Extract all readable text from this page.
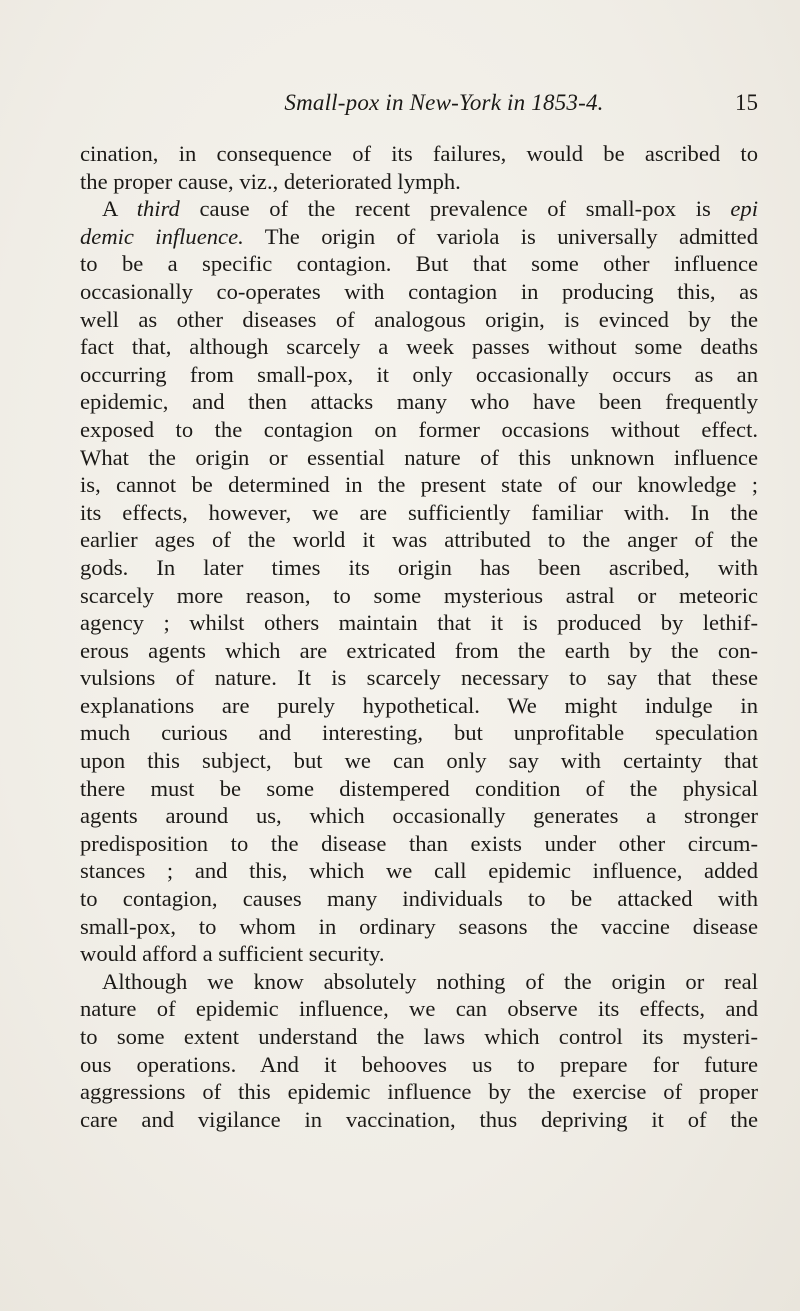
Small-pox in New-York in 1853-4.	15
cination, in consequence of its failures, would be ascribed to
the proper cause, viz., deteriorated lymph.
A third cause of the recent prevalence of small-pox is epi
demic influence. The origin of variola is universally admitted
to be a specific contagion. But that some other influence
occasionally co-operates with contagion in producing this, as
well as other diseases of analogous origin, is evinced by the
fact that, although scarcely a week passes without some deaths
occurring from small-pox, it only occasionally occurs as an
epidemic, and then attacks many who have been frequently
exposed to the contagion on former occasions without effect.
What the origin or essential nature of this unknown influence
is, cannot be determined in the present state of our knowledge ;
its effects, however, we are sufficiently familiar with. In the
earlier ages of the world it was attributed to the anger of the
gods. In later times its origin has been ascribed, with
scarcely more reason, to some mysterious astral or meteoric
agency ; whilst others maintain that it is produced by lethif-
erous agents which are extricated from the earth by the con-
vulsions of nature. It is scarcely necessary to say that these
explanations are purely hypothetical. We might indulge in
much curious and interesting, but unprofitable speculation
upon this subject, but we can only say with certainty that
there must be some distempered condition of the physical
agents around us, which occasionally generates a stronger
predisposition to the disease than exists under other circum-
stances ; and this, which we call epidemic influence, added
to contagion, causes many individuals to be attacked with
small-pox, to whom in ordinary seasons the vaccine disease
would afford a sufficient security.
Although we know absolutely nothing of the origin or real
nature of epidemic influence, we can observe its effects, and
to some extent understand the laws which control its mysteri-
ous operations. And it behooves us to prepare for future
aggressions of this epidemic influence by the exercise of proper
care and vigilance in vaccination, thus depriving it of the
